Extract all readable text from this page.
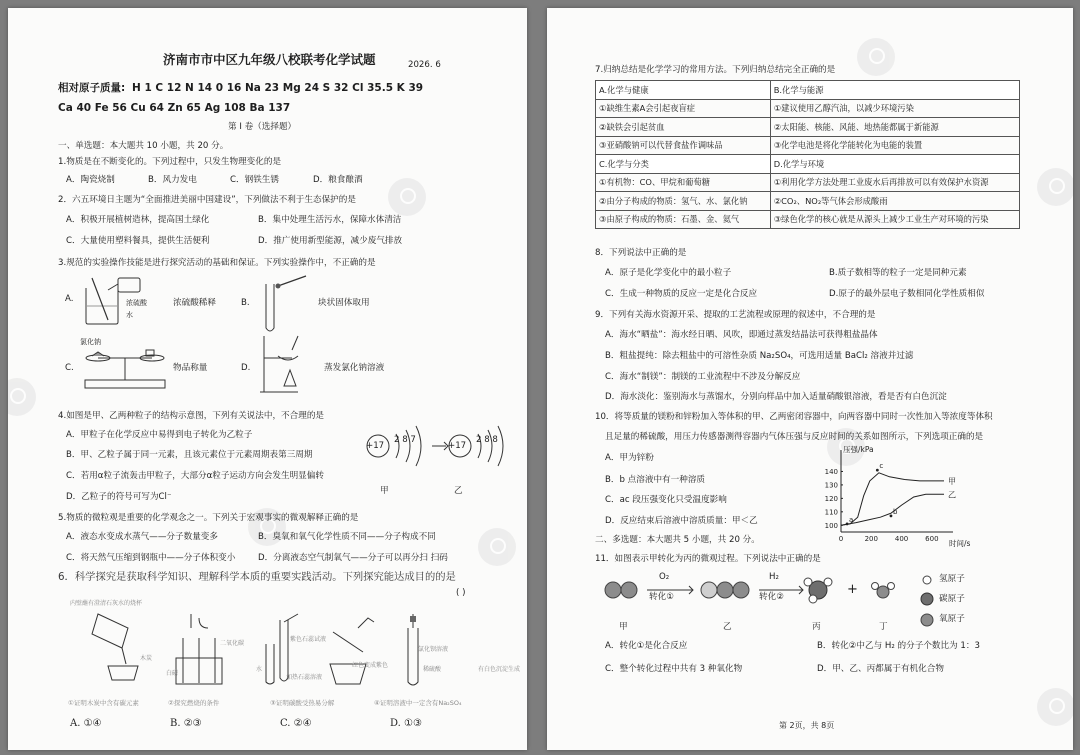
济南市市中区九年级八校联考化学试题	2026. 6
相对原子质量: H 1 C 12 N 14 0 16 Na 23 Mg 24 S 32 Cl 35.5 K 39
Ca 40 Fe 56 Cu 64 Zn 65 Ag 108 Ba 137
第 Ⅰ 卷（选择题）
一、单选题：本大题共 10 小题，共 20 分。
1.物质是在不断变化的。下列过程中，只发生物理变化的是
A．陶瓷烧制	B．风力发电	C．钢铁生锈	D．粮食酿酒
2．六五环境日主题为“全面推进美丽中国建设”，下列做法不利于生态保护的是
A．积极开展植树造林，提高国土绿化	B．集中处理生活污水，保障水体清洁
C．大量使用塑料餐具，提供生活便利	D．推广使用新型能源，减少废气排放
3.规范的实验操作技能是进行探究活动的基础和保证。下列实验操作中，不正确的是
A.	浓硫酸
水
浓硫酸稀释	B.	块状固体取用
C.
氯化钠
物品称量	D.	蒸发氯化钠溶液
4.如图是甲、乙两种粒子的结构示意图，下列有关说法中，不合理的是
A．甲粒子在化学反应中易得到电子转化为乙粒子
B．甲、乙粒子属于同一元素，且该元素位于元素周期表第三周期
C．若用α粒子流轰击甲粒子，大部分α粒子运动方向会发生明显偏转
D．乙粒子的符号可写为Cl⁻
+17
2 8 7
+17
2 8 8
甲	乙
5.物质的微粒观是重要的化学观念之一。下列关于宏观事实的微观解释正确的是
A．液态水变成水蒸气——分子数量变多	B．臭氧和氧气化学性质不同——分子构成不同
C．将天然气压缩到钢瓶中——分子体积变小	D．分离液态空气制氧气——分子可以再分扫 扫码
6．科学探究是获取科学知识、理解科学本质的重要实践活动。下列探究能达成目的的是
( )
内壁蘸有澄清石灰水的烧杯
木炭
二氧化碳
白磷
紫色石蕊试液
水
加热石蕊溶液
红色变成紫色
氯化钡溶液
稀硫酸	有白色沉淀生成
①证明木炭中含有碳元素	②探究燃烧的条件	③证明碳酸受热易分解	④证明溶液中一定含有Na₂SO₄
A. ①④	B. ②③	C. ②④	D. ①③
7.归纳总结是化学学习的常用方法。下列归纳总结完全正确的是
A.化学与健康	B.化学与能源
①缺维生素A会引起夜盲症	①建议使用乙醇汽油，以减少环境污染
②缺铁会引起贫血	②太阳能、核能、风能、地热能都属于新能源
③亚硝酸钠可以代替食盐作调味品	③化学电池是将化学能转化为电能的装置
C.化学与分类	D.化学与环境
①有机物：CO、甲烷和葡萄糖	①利用化学方法处理工业废水后再排放可以有效保护水资源
②由分子构成的物质：氢气、水、氯化钠	②CO₂、NO₂等气体会形成酸雨
③由原子构成的物质：石墨、金、氦气	③绿色化学的核心就是从源头上减少工业生产对环境的污染
8．下列说法中正确的是
A．原子是化学变化中的最小粒子	B.质子数相等的粒子一定是同种元素
C．生成一种物质的反应一定是化合反应	D.原子的最外层电子数相同化学性质相似
9．下列有关海水资源开采、提取的工艺流程或原理的叙述中，不合理的是
A．海水“晒盐”：海水经日晒、风吹，即通过蒸发结晶法可获得粗盐晶体
B．粗盐提纯：除去粗盐中的可溶性杂质 Na₂SO₄，可选用适量 BaCl₂ 溶液并过滤
C．海水“制镁”：制镁的工业流程中不涉及分解反应
D．海水淡化：鉴别海水与蒸馏水，分别向样品中加入适量硝酸银溶液，看是否有白色沉淀
10．将等质量的镁粉和锌粉加入等体积的甲、乙两密闭容器中，向两容器中同时一次性加入等浓度等体积
且足量的稀硫酸，用压力传感器测得容器内气体压强与反应时间的关系如图所示，下列选项正确的是
A．甲为锌粉
B．b 点溶液中有一种溶质
C．ac 段压强变化只受温度影响
D．反应结束后溶液中溶质质量：甲＜乙
压强/kPa
时间/s
100
110
120
130
140
0	200 400 600
甲
乙
a
c
b
二、多选题：本大题共 5 小题，共 20 分。
11．如图表示甲转化为丙的微观过程。下列说法中正确的是
O₂
转化①
H₂
转化②	+
甲	乙	丙	丁
氢原子
碳原子
氧原子
A．转化①是化合反应	B．转化②中乙与 H₂ 的分子个数比为 1：3
C．整个转化过程中共有 3 种氧化物	D．甲、乙、丙都属于有机化合物
第 2页，共 8页
